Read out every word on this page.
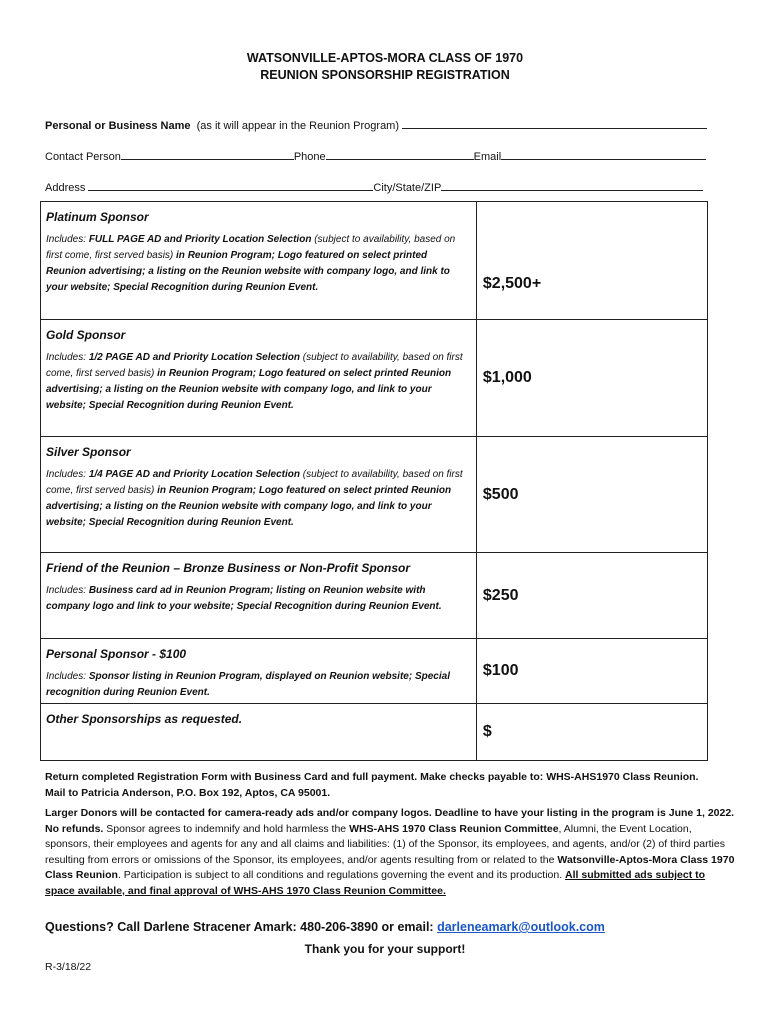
WATSONVILLE-APTOS-MORA CLASS OF 1970
REUNION SPONSORSHIP REGISTRATION
Personal or Business Name (as it will appear in the Reunion Program)
Contact Person	Phone	Email
Address	City/State/ZIP
Platinum Sponsor
Includes: FULL PAGE AD and Priority Location Selection (subject to availability, based on first come, first served basis) in Reunion Program; Logo featured on select printed Reunion advertising; a listing on the Reunion website with company logo, and link to your website; Special Recognition during Reunion Event.	$2,500+

Gold Sponsor
Includes: 1/2 PAGE AD and Priority Location Selection (subject to availability, based on first come, first served basis) in Reunion Program; Logo featured on select printed Reunion advertising; a listing on the Reunion website with company logo, and link to your website; Special Recognition during Reunion Event.	$1,000

Silver Sponsor
Includes: 1/4 PAGE AD and Priority Location Selection (subject to availability, based on first come, first served basis) in Reunion Program; Logo featured on select printed Reunion advertising; a listing on the Reunion website with company logo, and link to your website; Special Recognition during Reunion Event.	$500

Friend of the Reunion – Bronze Business or Non-Profit Sponsor
Includes: Business card ad in Reunion Program; listing on Reunion website with company logo and link to your website; Special Recognition during Reunion Event.	$250

Personal Sponsor - $100
Includes: Sponsor listing in Reunion Program, displayed on Reunion website; Special recognition during Reunion Event.	$100

Other Sponsorships as requested.	$
Return completed Registration Form with Business Card and full payment. Make checks payable to: WHS-AHS1970 Class Reunion.
Mail to Patricia Anderson, P.O. Box 192, Aptos, CA 95001.
Larger Donors will be contacted for camera-ready ads and/or company logos. Deadline to have your listing in the program is June 1, 2022. No refunds. Sponsor agrees to indemnify and hold harmless the WHS-AHS 1970 Class Reunion Committee, Alumni, the Event Location, sponsors, their employees and agents for any and all claims and liabilities: (1) of the Sponsor, its employees, and agents, and/or (2) of third parties resulting from errors or omissions of the Sponsor, its employees, and/or agents resulting from or related to the Watsonville-Aptos-Mora Class 1970 Class Reunion. Participation is subject to all conditions and regulations governing the event and its production. All submitted ads subject to space available, and final approval of WHS-AHS 1970 Class Reunion Committee.
Questions? Call Darlene Stracener Amark: 480-206-3890 or email: darleneamark@outlook.com
Thank you for your support!
R-3/18/22
